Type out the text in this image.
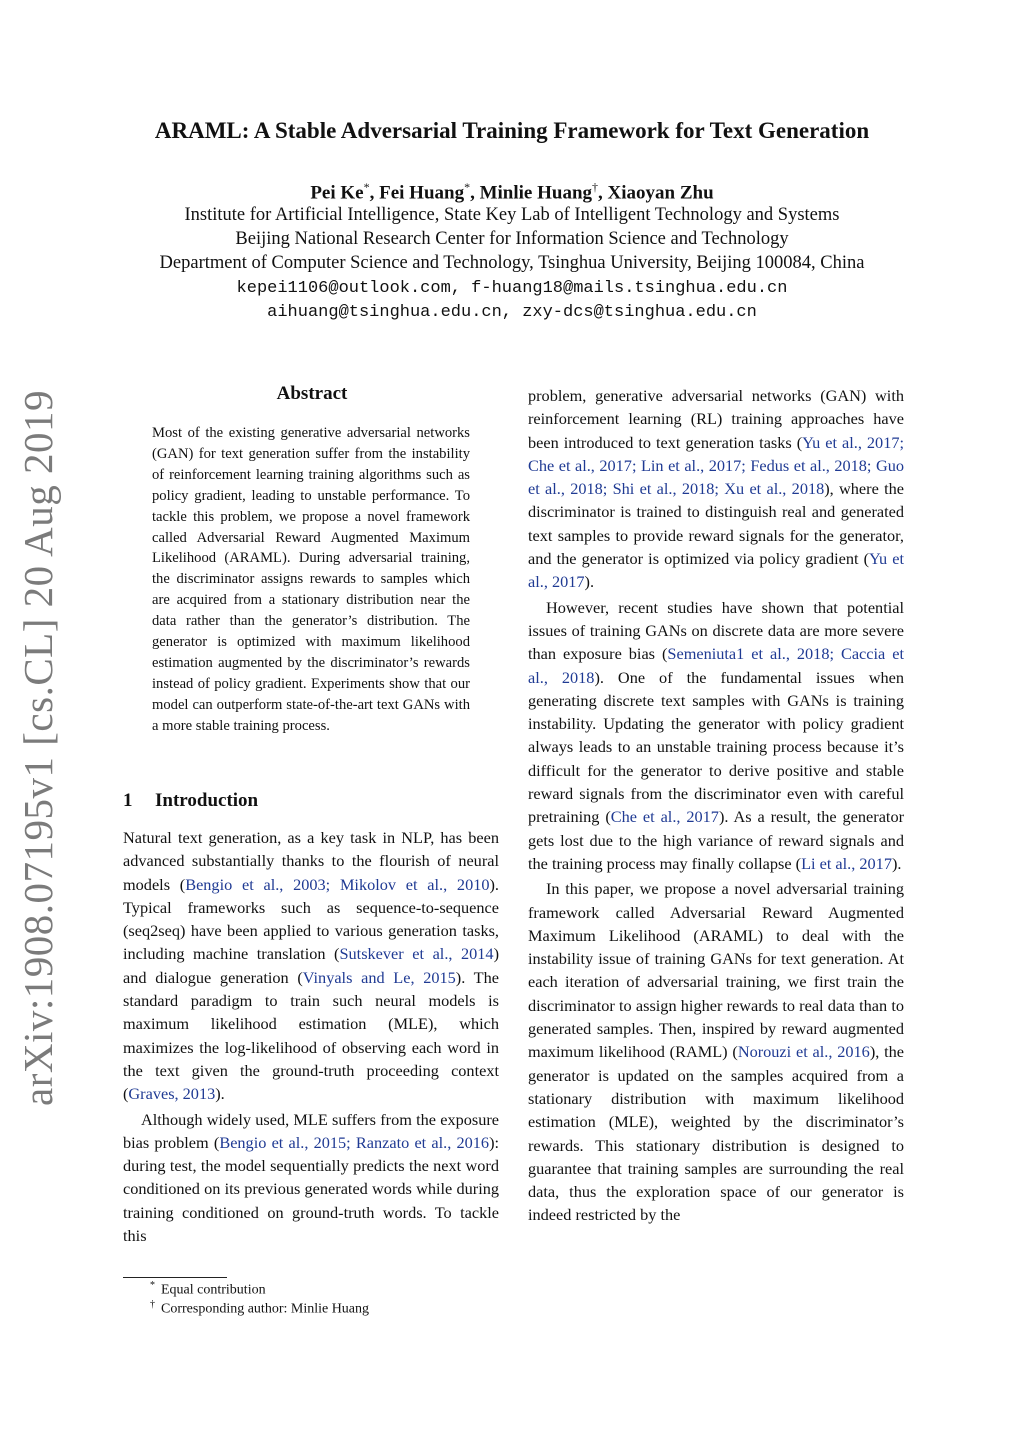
arXiv:1908.07195v1 [cs.CL] 20 Aug 2019
ARAML: A Stable Adversarial Training Framework for Text Generation
Pei Ke*, Fei Huang*, Minlie Huang†, Xiaoyan Zhu
Institute for Artificial Intelligence, State Key Lab of Intelligent Technology and Systems
Beijing National Research Center for Information Science and Technology
Department of Computer Science and Technology, Tsinghua University, Beijing 100084, China
kepei1106@outlook.com, f-huang18@mails.tsinghua.edu.cn
aihuang@tsinghua.edu.cn, zxy-dcs@tsinghua.edu.cn
Abstract
Most of the existing generative adversarial networks (GAN) for text generation suffer from the instability of reinforcement learning training algorithms such as policy gradient, leading to unstable performance. To tackle this problem, we propose a novel framework called Adversarial Reward Augmented Maximum Likelihood (ARAML). During adversarial training, the discriminator assigns rewards to samples which are acquired from a stationary distribution near the data rather than the generator’s distribution. The generator is optimized with maximum likelihood estimation augmented by the discriminator’s rewards instead of policy gradient. Experiments show that our model can outperform state-of-the-art text GANs with a more stable training process.
1 Introduction

Natural text generation, as a key task in NLP, has been advanced substantially thanks to the flourish of neural models (Bengio et al., 2003; Mikolov et al., 2010). Typical frameworks such as sequence-to-sequence (seq2seq) have been applied to various generation tasks, including machine translation (Sutskever et al., 2014) and dialogue generation (Vinyals and Le, 2015). The standard paradigm to train such neural models is maximum likelihood estimation (MLE), which maximizes the log-likelihood of observing each word in the text given the ground-truth proceeding context (Graves, 2013).

Although widely used, MLE suffers from the exposure bias problem (Bengio et al., 2015; Ranzato et al., 2016): during test, the model sequentially predicts the next word conditioned on its previous generated words while during training conditioned on ground-truth words. To tackle this

problem, generative adversarial networks (GAN) with reinforcement learning (RL) training approaches have been introduced to text generation tasks (Yu et al., 2017; Che et al., 2017; Lin et al., 2017; Fedus et al., 2018; Guo et al., 2018; Shi et al., 2018; Xu et al., 2018), where the discriminator is trained to distinguish real and generated text samples to provide reward signals for the generator, and the generator is optimized via policy gradient (Yu et al., 2017).

However, recent studies have shown that potential issues of training GANs on discrete data are more severe than exposure bias (Semeniuta1 et al., 2018; Caccia et al., 2018). One of the fundamental issues when generating discrete text samples with GANs is training instability. Updating the generator with policy gradient always leads to an unstable training process because it’s difficult for the generator to derive positive and stable reward signals from the discriminator even with careful pretraining (Che et al., 2017). As a result, the generator gets lost due to the high variance of reward signals and the training process may finally collapse (Li et al., 2017).

In this paper, we propose a novel adversarial training framework called Adversarial Reward Augmented Maximum Likelihood (ARAML) to deal with the instability issue of training GANs for text generation. At each iteration of adversarial training, we first train the discriminator to assign higher rewards to real data than to generated samples. Then, inspired by reward augmented maximum likelihood (RAML) (Norouzi et al., 2016), the generator is updated on the samples acquired from a stationary distribution with maximum likelihood estimation (MLE), weighted by the discriminator’s rewards. This stationary distribution is designed to guarantee that training samples are surrounding the real data, thus the exploration space of our generator is indeed restricted by the

* Equal contribution
† Corresponding author: Minlie Huang
